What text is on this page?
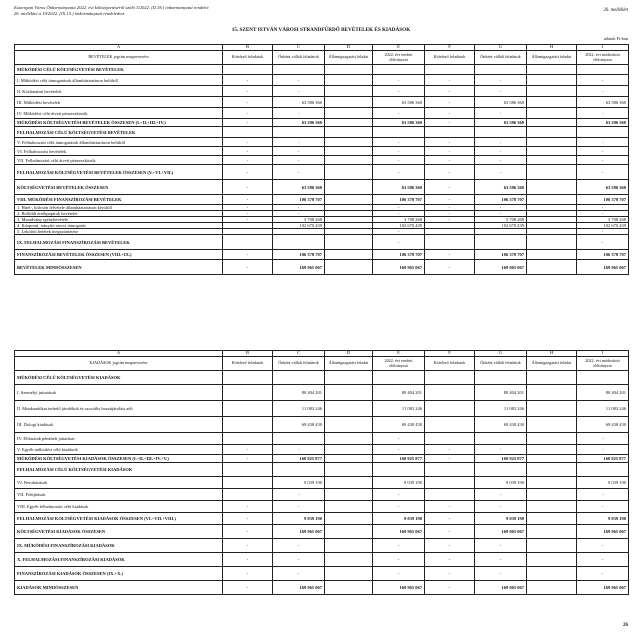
Esztergom Város Önkormányzata 2022. évi költségvetéséről szóló 3/2022. (II.18.) önkormányzati rendelet
26. melléklet a 19/2022. (IX.15.) önkormányzati rendelethez
26. melléklet
15. SZENT ISTVÁN VÁROSI STRANDFÜRDŐ BEVÉTELEK ÉS KIADÁSOK
adatok Ft-ban
A	B	C	D	E	F	G	H	I
BEVÉTELEK jogcím megnevezése	Kötelező feladatok	Önként vállalt feladatok	Államigazgatási feladat	2022. évi eredeti előirányzat	Kötelező feladatok	Önként vállalt feladatok	Államigazgatási feladat	2022. évi módosított előirányzat
MŰKÖDÉSI CÉLÚ KÖLTSÉGVETÉSI BEVÉTELEK								
I. Működési célú támogatások államháztartáson belülről	-	-		-	-	-		-
II. Közhatalmi bevételek	-	-		-	-	-		-
III. Működési bevételek	-	63 586 360		63 586 360	-	63 586 360		63 586 360
IV. Működési célú átvett pénzeszközök	-	-		-	-	-		-
MŰKÖDÉSI KÖLTSÉGVETÉSI BEVÉTELEK ÖSSZESEN (I.+II.+III.+IV.)	-	63 586 360		63 586 360	-	63 586 360		63 586 360
FELHALMOZÁSI CÉLÚ KÖLTSÉGVETÉSI BEVÉTELEK								
V. Felhalmozási célú támogatások államháztartáson belülről	-	-		-	-	-		-
VI. Felhalmozási bevételek	-	-		-	-	-		-
VII. Felhalmozási célú átvett pénzeszközök	-	-		-	-	-		-
FELHALMOZÁSI KÖLTSÉGVETÉSI BEVÉTELEK ÖSSZESEN (V.+VI.+VII.)	-	-		-	-	-		-
KÖLTSÉGVETÉSI BEVÉTELEK ÖSSZESEN	-	63 586 360		63 586 360	-	63 586 360		63 586 360
VIII. MŰKÖDÉSI FINANSZÍROZÁSI BEVÉTELEK	-	106 378 707		106 378 707	-	106 378 707		106 378 707
1. Hitel-, kölcsön felvétele államháztartáson kívülről	-	-		-	-	-		-
2. Belföldi értékpapírok bevételei	-	-		-	-	-		-
3. Maradvány igénybevétele	-	3 708 268		3 708 268	-	3 708 268		3 708 268
4. Központi, irányító szervi támogatás		102 670 439		102 670 439		102 670 439		102 670 439
5. Lekötött betétek megszüntetése				-				-
IX. FELHALMOZÁSI FINANSZÍROZÁSI BEVÉTELEK				-				-
FINANSZÍROZÁSI BEVÉTELEK ÖSSZESEN (VIII.+IX.)	-	106 378 707		106 378 707	-	106 378 707		106 378 707
BEVÉTELEK MINDÖSSZESEN	-	169 965 067		169 965 067	-	169 965 067		169 965 067
A	B	C	D	E	F	G	H	I
KIADÁSOK jogcím megnevezése	Kötelező feladatok	Önként vállalt feladatok	Államigazgatási feladat	2022. évi eredeti előirányzat	Kötelező feladatok	Önként vállalt feladatok	Államigazgatási feladat	2022. évi módosított előirányzat
MŰKÖDÉSI CÉLÚ KÖLTSÉGVETÉSI KIADÁSOK								
I. Személyi juttatások		80 404 201		80 404 201		80 404 201		80 404 201
II. Munkaadókat terhelő járulékok és szociális hozzájárulási adó		11 083 246		11 083 246		11 083 246		11 083 246
III. Dologi kiadások		69 438 430		69 438 430		69 438 430		69 438 430
IV. Ellátottak pénzbeli juttatásai				-				-
V. Egyéb működési célú kiadások	-	-		-	-	-		-
MŰKÖDÉSI KÖLTSÉGVETÉSI KIADÁSOK ÖSSZESEN (I.+II.+III.+IV.+V.)	-	160 925 877		160 925 877	-	160 925 877		160 925 877
FELHALMOZÁSI CÉLÚ KÖLTSÉGVETÉSI KIADÁSOK								
VI. Beruházások		9 039 190		9 039 190		9 039 190		9 039 190
VII. Felújítások		-		-		-		-
VIII. Egyéb felhalmozási célú kiadások	-	-		-	-	-		-
FELHALMOZÁSI KÖLTSÉGVETÉSI KIADÁSOK ÖSSZESEN (VI.+VII.+VIII.)	-	9 039 190		9 039 190	-	9 039 190		9 039 190
KÖLTSÉGVETÉSI KIADÁSOK ÖSSZESEN	-	169 965 067		169 965 067	-	169 965 067		169 965 067
IX. MŰKÖDÉSI FINANSZÍROZÁSI KIADÁSOK	-	-		-	-	-		-
X. FELHALMOZÁSI FINANSZÍROZÁSI KIADÁSOK	-	-		-	-	-		-
FINANSZÍROZÁSI KIADÁSOK ÖSSZESEN (IX.+X.)	-	-		-	-	-		-
KIADÁSOK MINDÖSSZESEN	-	169 965 067		169 965 067	-	169 965 067		169 965 067
26
